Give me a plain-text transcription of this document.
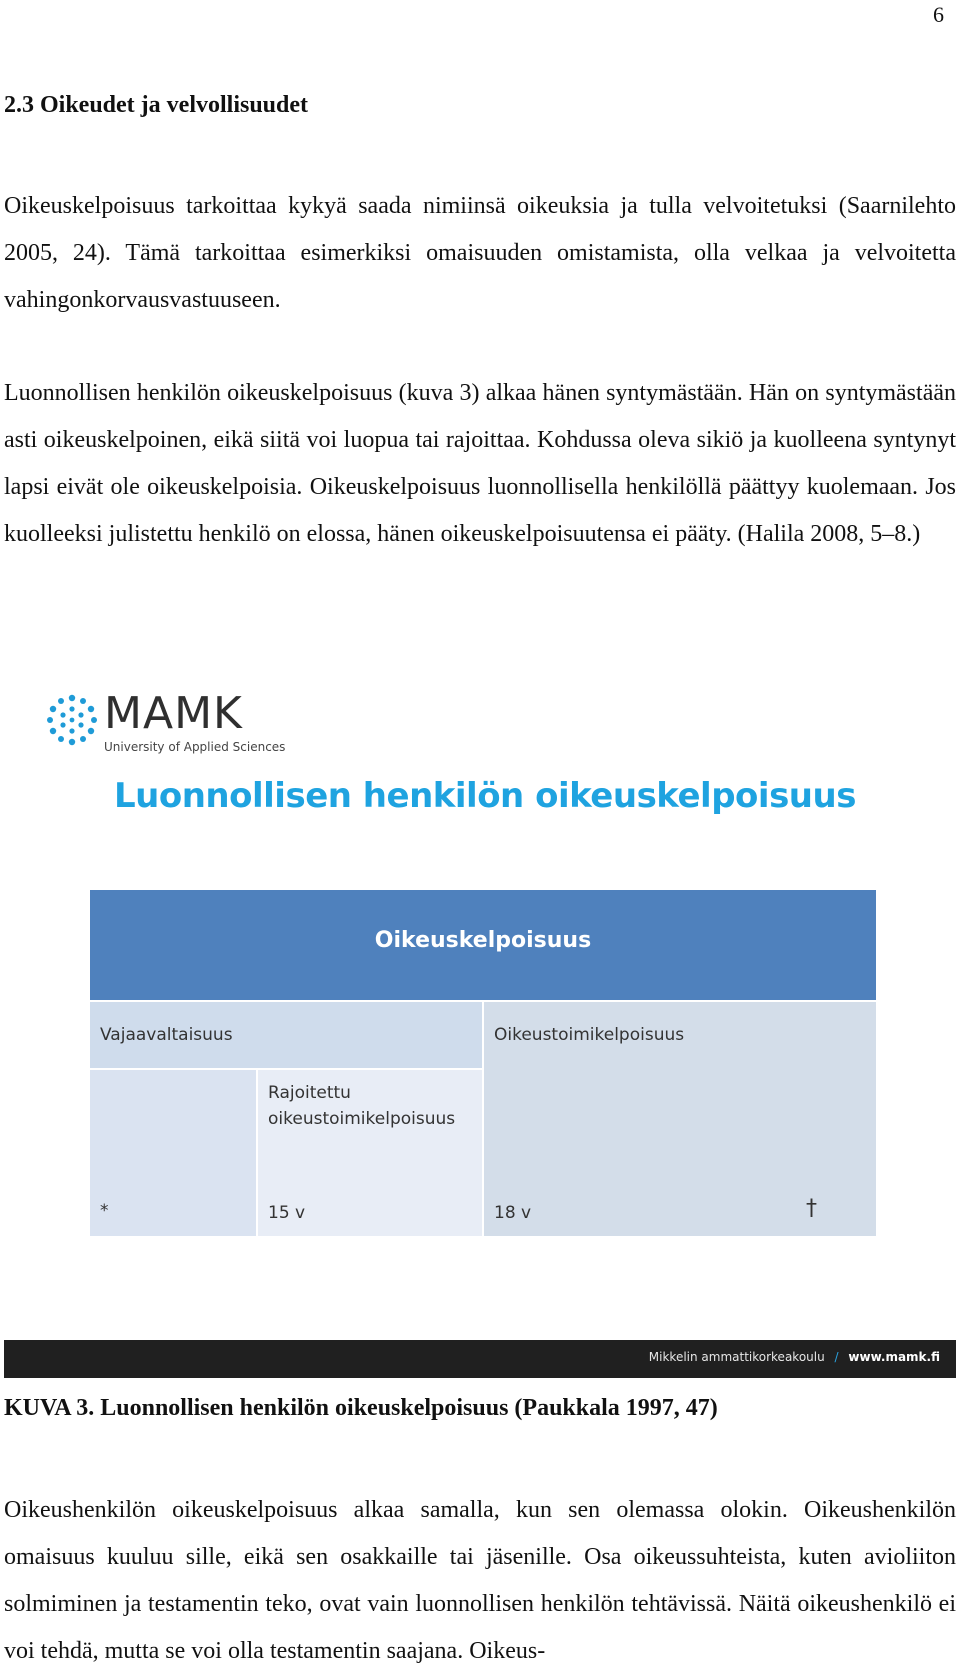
6
2.3 Oikeudet ja velvollisuudet

Oikeuskelpoisuus tarkoittaa kykyä saada nimiinsä oikeuksia ja tulla velvoitetuksi (Saarnilehto 2005, 24). Tämä tarkoittaa esimerkiksi omaisuuden omistamista, olla velkaa ja velvoitetta vahingonkorvausvastuuseen.

Luonnollisen henkilön oikeuskelpoisuus (kuva 3) alkaa hänen syntymästään. Hän on syntymästään asti oikeuskelpoinen, eikä siitä voi luopua tai rajoittaa. Kohdussa oleva sikiö ja kuolleena syntynyt lapsi eivät ole oikeuskelpoisia. Oikeuskelpoisuus luonnollisella henkilöllä päättyy kuolemaan. Jos kuolleeksi julistettu henkilö on elossa, hänen oikeuskelpoisuutensa ei pääty. (Halila 2008, 5–8.)

MAMK
University of Applied Sciences
Luonnollisen henkilön oikeuskelpoisuus
Oikeuskelpoisuus
Vajaavaltaisuus
*
Rajoitettu
oikeustoimikelpoisuus
15 v
Oikeustoimikelpoisuus
18 v	†
Mikkelin ammattikorkeakoulu / www.mamk.fi
KUVA 3. Luonnollisen henkilön oikeuskelpoisuus (Paukkala 1997, 47)

Oikeushenkilön oikeuskelpoisuus alkaa samalla, kun sen olemassa olokin. Oikeushenkilön omaisuus kuuluu sille, eikä sen osakkaille tai jäsenille. Osa oikeussuhteista, kuten avioliiton solmiminen ja testamentin teko, ovat vain luonnollisen henkilön tehtävissä. Näitä oikeushenkilö ei voi tehdä, mutta se voi olla testamentin saajana. Oikeus-
